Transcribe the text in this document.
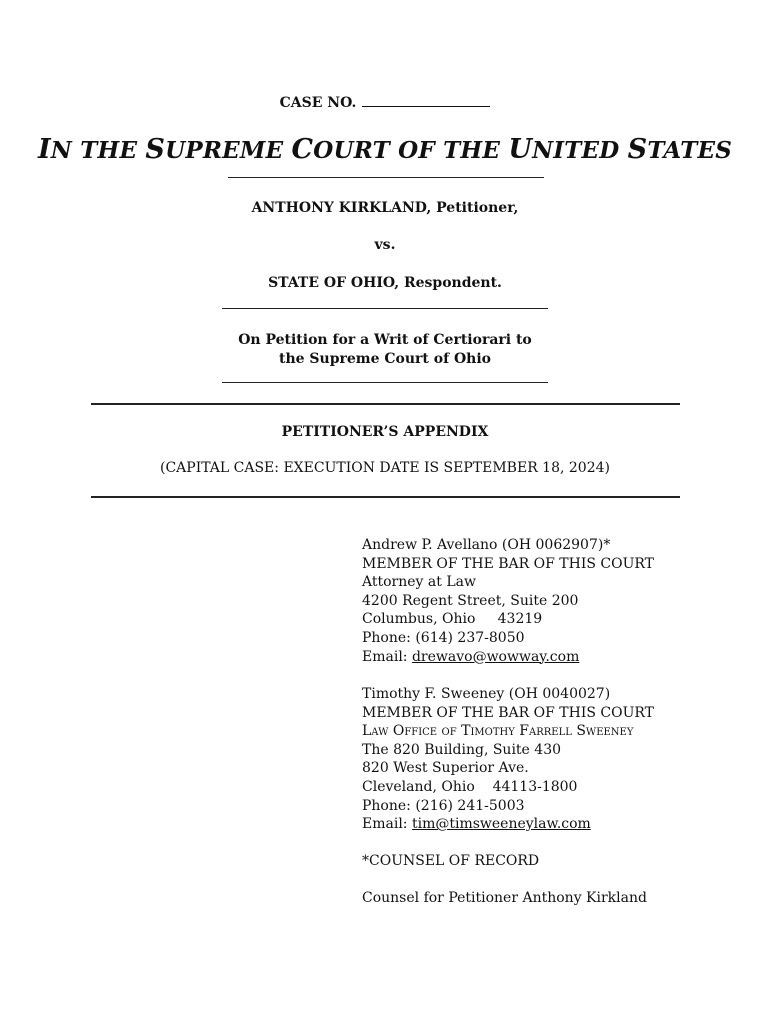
CASE NO.
IN THE SUPREME COURT OF THE UNITED STATES
ANTHONY KIRKLAND, Petitioner,
vs.
STATE OF OHIO, Respondent.
On Petition for a Writ of Certiorari to
the Supreme Court of Ohio
PETITIONER’S APPENDIX
(CAPITAL CASE: EXECUTION DATE IS SEPTEMBER 18, 2024)
Andrew P. Avellano (OH 0062907)*
MEMBER OF THE BAR OF THIS COURT
Attorney at Law
4200 Regent Street, Suite 200
Columbus, Ohio     43219
Phone: (614) 237-8050
Email: drewavo@wowway.com
Timothy F. Sweeney (OH 0040027)
MEMBER OF THE BAR OF THIS COURT
Law Office of Timothy Farrell Sweeney
The 820 Building, Suite 430
820 West Superior Ave.
Cleveland, Ohio    44113-1800
Phone: (216) 241-5003
Email: tim@timsweeneylaw.com
*COUNSEL OF RECORD
Counsel for Petitioner Anthony Kirkland
